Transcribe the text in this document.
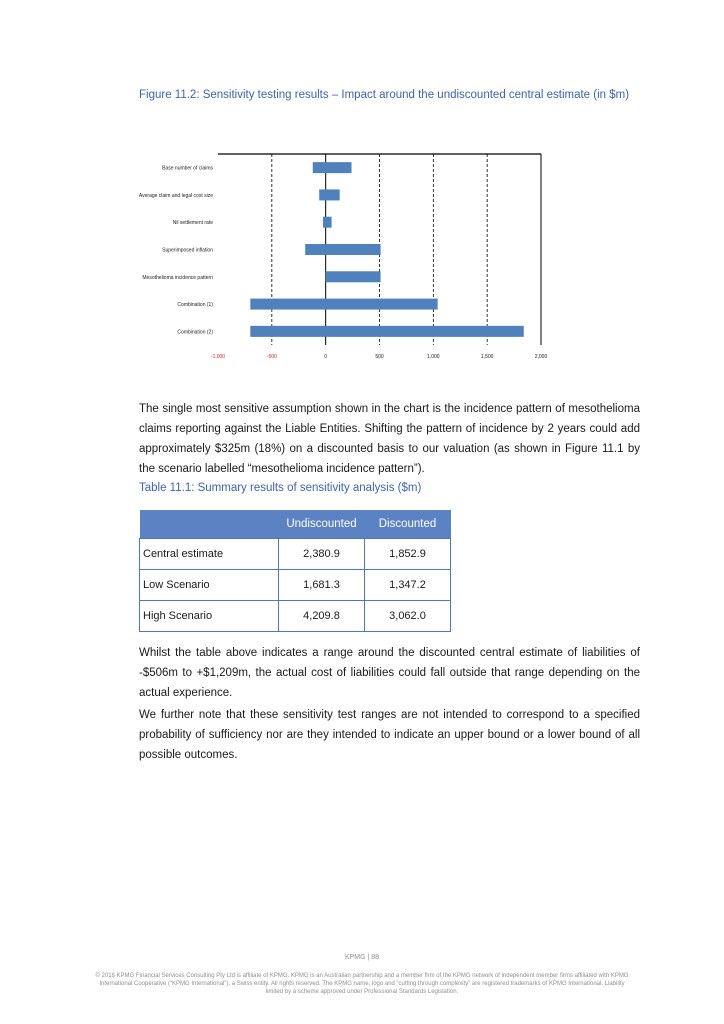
Figure 11.2: Sensitivity testing results – Impact around the undiscounted central estimate (in $m)
Base number of claims
Average claim and legal cost size
Nil settlement rate
Superimposed inflation
Mesothelioma incidence pattern
Combination (1)
Combination (2)
-1,000	-500	0	500	1,000	1,500	2,000

The single most sensitive assumption shown in the chart is the incidence pattern of mesothelioma claims reporting against the Liable Entities. Shifting the pattern of incidence by 2 years could add approximately $325m (18%) on a discounted basis to our valuation (as shown in Figure 11.1 by the scenario labelled “mesothelioma incidence pattern”).

Table 11.1: Summary results of sensitivity analysis ($m)
	Undiscounted	Discounted
Central estimate	2,380.9	1,852.9
Low Scenario	1,681.3	1,347.2
High Scenario	4,209.8	3,062.0

Whilst the table above indicates a range around the discounted central estimate of liabilities of -$506m to +$1,209m, the actual cost of liabilities could fall outside that range depending on the actual experience.

We further note that these sensitivity test ranges are not intended to correspond to a specified probability of sufficiency nor are they intended to indicate an upper bound or a lower bound of all possible outcomes.

KPMG | 88
© 2018 KPMG Financial Services Consulting Pty Ltd is affiliate of KPMG. KPMG is an Australian partnership and a member firm of the KPMG network of independent member firms affiliated with KPMG International Cooperative (“KPMG International”), a Swiss entity. All rights reserved. The KPMG name, logo and “cutting through complexity” are registered trademarks of KPMG International. Liability limited by a scheme approved under Professional Standards Legislation.
